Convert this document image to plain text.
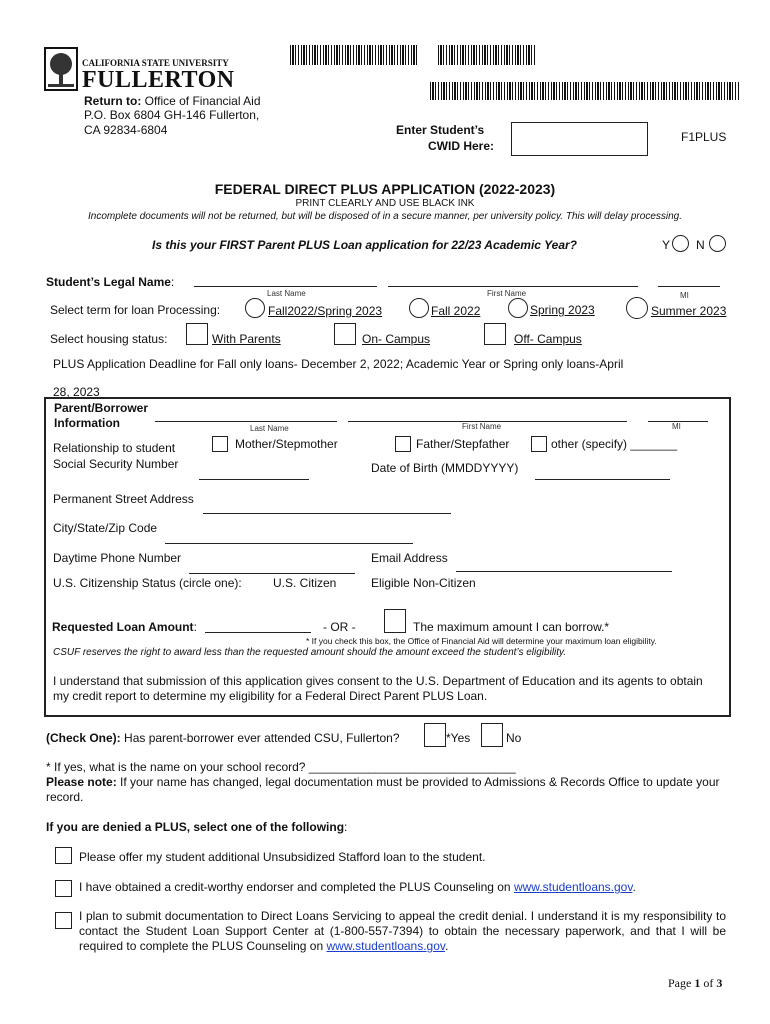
CALIFORNIA STATE UNIVERSITY
FULLERTON
Return to: Office of Financial Aid
P.O. Box 6804 GH-146 Fullerton,
CA 92834-6804	Enter Student’s
CWID Here:
F1PLUS
FEDERAL DIRECT PLUS APPLICATION (2022-2023)
PRINT CLEARLY AND USE BLACK INK
Incomplete documents will not be returned, but will be disposed of in a secure manner, per university policy. This will delay processing.
Is this your FIRST Parent PLUS Loan application for 22/23 Academic Year?	Y N
Student’s Legal Name:
Last Name	First Name	MI
Select term for loan Processing:	Fall2022/Spring 2023	Fall 2022	Spring 2023	Summer 2023
Select housing status:	With Parents	On- Campus	Off- Campus
PLUS Application Deadline for Fall only loans- December 2, 2022; Academic Year or Spring only loans-April
28, 2023
Parent/Borrower
Information	Last Name	First Name	MI
Relationship to student
Social Security Number
Mother/Stepmother	Father/Stepfather	other (specify) _______
Date of Birth (MMDDYYYY)
Permanent Street Address
City/State/Zip Code
Daytime Phone Number	Email Address
U.S. Citizenship Status (circle one):	U.S. Citizen	Eligible Non-Citizen
Requested Loan Amount:	- OR -	The maximum amount I can borrow.*
* If you check this box, the Office of Financial Aid will determine your maximum loan eligibility.
CSUF reserves the right to award less than the requested amount should the amount exceed the student’s eligibility.
I understand that submission of this application gives consent to the U.S. Department of Education and its agents to obtain my credit report to determine my eligibility for a Federal Direct Parent PLUS Loan.
(Check One): Has parent-borrower ever attended CSU, Fullerton?	*Yes	No
* If yes, what is the name on your school record? _______________________________
Please note: If your name has changed, legal documentation must be provided to Admissions & Records Office to update your record.
If you are denied a PLUS, select one of the following:
Please offer my student additional Unsubsidized Stafford loan to the student.
I have obtained a credit-worthy endorser and completed the PLUS Counseling on www.studentloans.gov.
I plan to submit documentation to Direct Loans Servicing to appeal the credit denial. I understand it is my responsibility to contact the Student Loan Support Center at (1-800-557-7394) to obtain the necessary paperwork, and that I will be required to complete the PLUS Counseling on www.studentloans.gov.
Page 1 of 3
